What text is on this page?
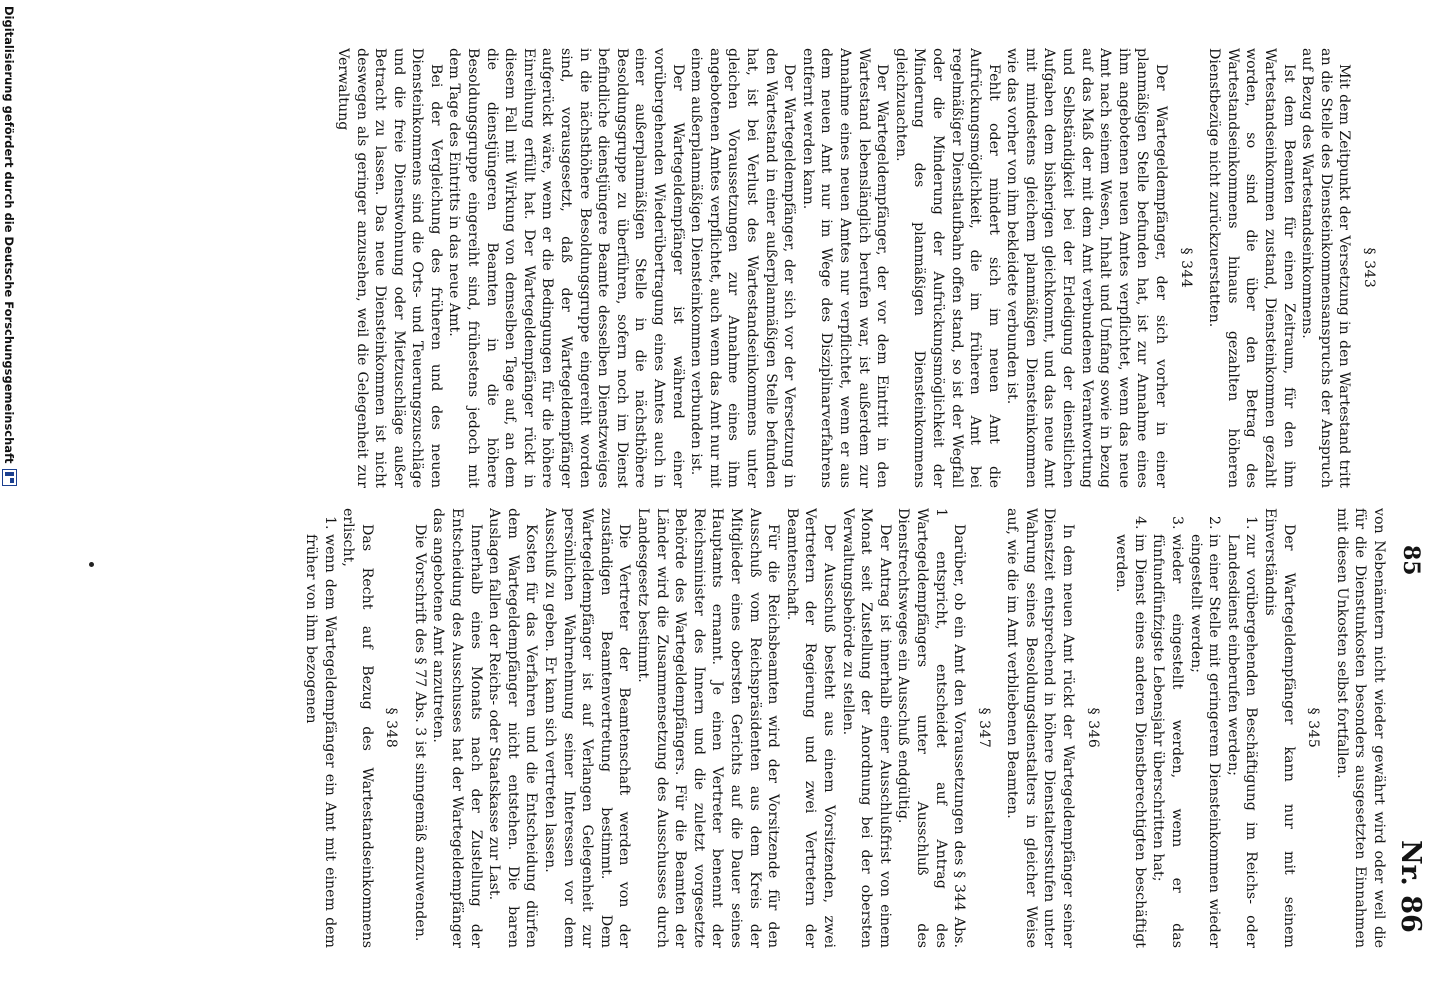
85
Nr. 86
§ 343

Mit dem Zeitpunkt der Versetzung in den Wartestand tritt an die Stelle des Diensteinkommensanspruchs der Anspruch auf Bezug des Wartestandseinkommens.

Ist dem Beamten für einen Zeitraum, für den ihm Wartestandseinkommen zustand, Diensteinkommen gezahlt worden, so sind die über den Betrag des Wartestandseinkommens hinaus gezahlten höheren Dienstbezüge nicht zurückzuerstatten.

§ 344

Der Wartegeldempfänger, der sich vorher in einer planmäßigen Stelle befunden hat, ist zur Annahme eines ihm angebotenen neuen Amtes verpflichtet, wenn das neue Amt nach seinem Wesen, Inhalt und Umfang sowie in bezug auf das Maß der mit dem Amt verbundenen Verantwortung und Selbständigkeit bei der Erledigung der dienstlichen Aufgaben dem bisherigen gleichkommt, und das neue Amt mit mindestens gleichem planmäßigen Diensteinkommen wie das vorher von ihm bekleidete verbunden ist.

Fehlt oder mindert sich im neuen Amt die Aufrückungsmöglichkeit, die im früheren Amt bei regelmäßiger Dienstlaufbahn offen stand, so ist der Wegfall oder die Minderung der Aufrückungsmöglichkeit der Minderung des planmäßigen Diensteinkommens gleichzuachten.

Der Wartegeldempfänger, der vor dem Eintritt in den Wartestand lebenslänglich berufen war, ist außerdem zur Annahme eines neuen Amtes nur verpflichtet, wenn er aus dem neuen Amt nur im Wege des Disziplinarverfahrens entfernt werden kann.

Der Wartegeldempfänger, der sich vor der Versetzung in den Wartestand in einer außerplanmäßigen Stelle befunden hat, ist bei Verlust des Wartestandseinkommens unter gleichen Voraussetzungen zur Annahme eines ihm angebotenen Amtes verpflichtet, auch wenn das Amt nur mit einem außerplanmäßigen Diensteinkommen verbunden ist.

Der Wartegeldempfänger ist während einer vorübergehenden Wiederübertragung eines Amtes auch in einer außerplanmäßigen Stelle in die nächsthöhere Besoldungsgruppe zu überführen, sofern noch im Dienst befindliche dienstjüngere Beamte desselben Dienstzweiges in die nächsthöhere Besoldungsgruppe eingereiht worden sind, vorausgesetzt, daß der Wartegeldempfänger aufgerückt wäre, wenn er die Bedingungen für die höhere Einreihung erfüllt hat. Der Wartegeldempfänger rückt in diesem Fall mit Wirkung von demselben Tage auf, an dem die dienstjüngeren Beamten in die höhere Besoldungsgruppe eingereiht sind, frühestens jedoch mit dem Tage des Eintritts in das neue Amt.

Bei der Vergleichung des früheren und des neuen Diensteinkommens sind die Orts- und Teuerungszuschläge und die freie Dienstwohnung oder Mietzuschläge außer Betracht zu lassen. Das neue Diensteinkommen ist nicht deswegen als geringer anzusehen, weil die Gelegenheit zur Verwaltung

von Nebenämtern nicht wieder gewährt wird oder weil die für die Dienstunkosten besonders ausgesetzten Einnahmen mit diesen Unkosten selbst fortfallen.

§ 345

Der Wartegeldempfänger kann nur mit seinem Einverständnis

1. zur vorübergehenden Beschäftigung im Reichs- oder Landesdienst einberufen werden;
2. in einer Stelle mit geringerem Diensteinkommen wieder eingestellt werden;
3. wieder eingestellt werden, wenn er das fünfundfünfzigste Lebensjahr überschritten hat;
4. im Dienst eines anderen Dienstberechtigten beschäftigt werden.
§ 346

In dem neuen Amt rückt der Wartegeldempfänger seiner Dienstzeit entsprechend in höhere Dienstaltersstufen unter Wahrung seines Besoldungsdienstalters in gleicher Weise auf, wie die im Amt verbliebenen Beamten.

§ 347

Darüber, ob ein Amt den Voraussetzungen des § 344 Abs. 1 entspricht, entscheidet auf Antrag des Wartegeldempfängers unter Ausschluß des Dienstrechtsweges ein Ausschuß endgültig.

Der Antrag ist innerhalb einer Ausschlußfrist von einem Monat seit Zustellung der Anordnung bei der obersten Verwaltungsbehörde zu stellen.

Der Ausschuß besteht aus einem Vorsitzenden, zwei Vertretern der Regierung und zwei Vertretern der Beamtenschaft.

Für die Reichsbeamten wird der Vorsitzende für den Ausschuß vom Reichspräsidenten aus dem Kreis der Mitglieder eines obersten Gerichts auf die Dauer seines Hauptamts ernannt. Je einen Vertreter benennt der Reichsminister des Innern und die zuletzt vorgesetzte Behörde des Wartegeldempfängers. Für die Beamten der Länder wird die Zusammensetzung des Ausschusses durch Landesgesetz bestimmt.

Die Vertreter der Beamtenschaft werden von der zuständigen Beamtenvertretung bestimmt. Dem Wartegeldempfänger ist auf Verlangen Gelegenheit zur persönlichen Wahrnehmung seiner Interessen vor dem Ausschuß zu geben. Er kann sich vertreten lassen.

Kosten für das Verfahren und die Entscheidung dürfen dem Wartegeldempfänger nicht entstehen. Die baren Auslagen fallen der Reichs- oder Staatskasse zur Last.

Innerhalb eines Monats nach der Zustellung der Entscheidung des Ausschusses hat der Wartegeldempfänger das angebotene Amt anzutreten.

Die Vorschrift des § 77 Abs. 3 ist sinngemäß anzuwenden.

§ 348

Das Recht auf Bezug des Wartestandseinkommens erlischt,

1. wenn dem Wartegeldempfänger ein Amt mit einem dem früher von ihm bezogenen
Digitalisierung gefördert durch die Deutsche Forschungsgemeinschaft
